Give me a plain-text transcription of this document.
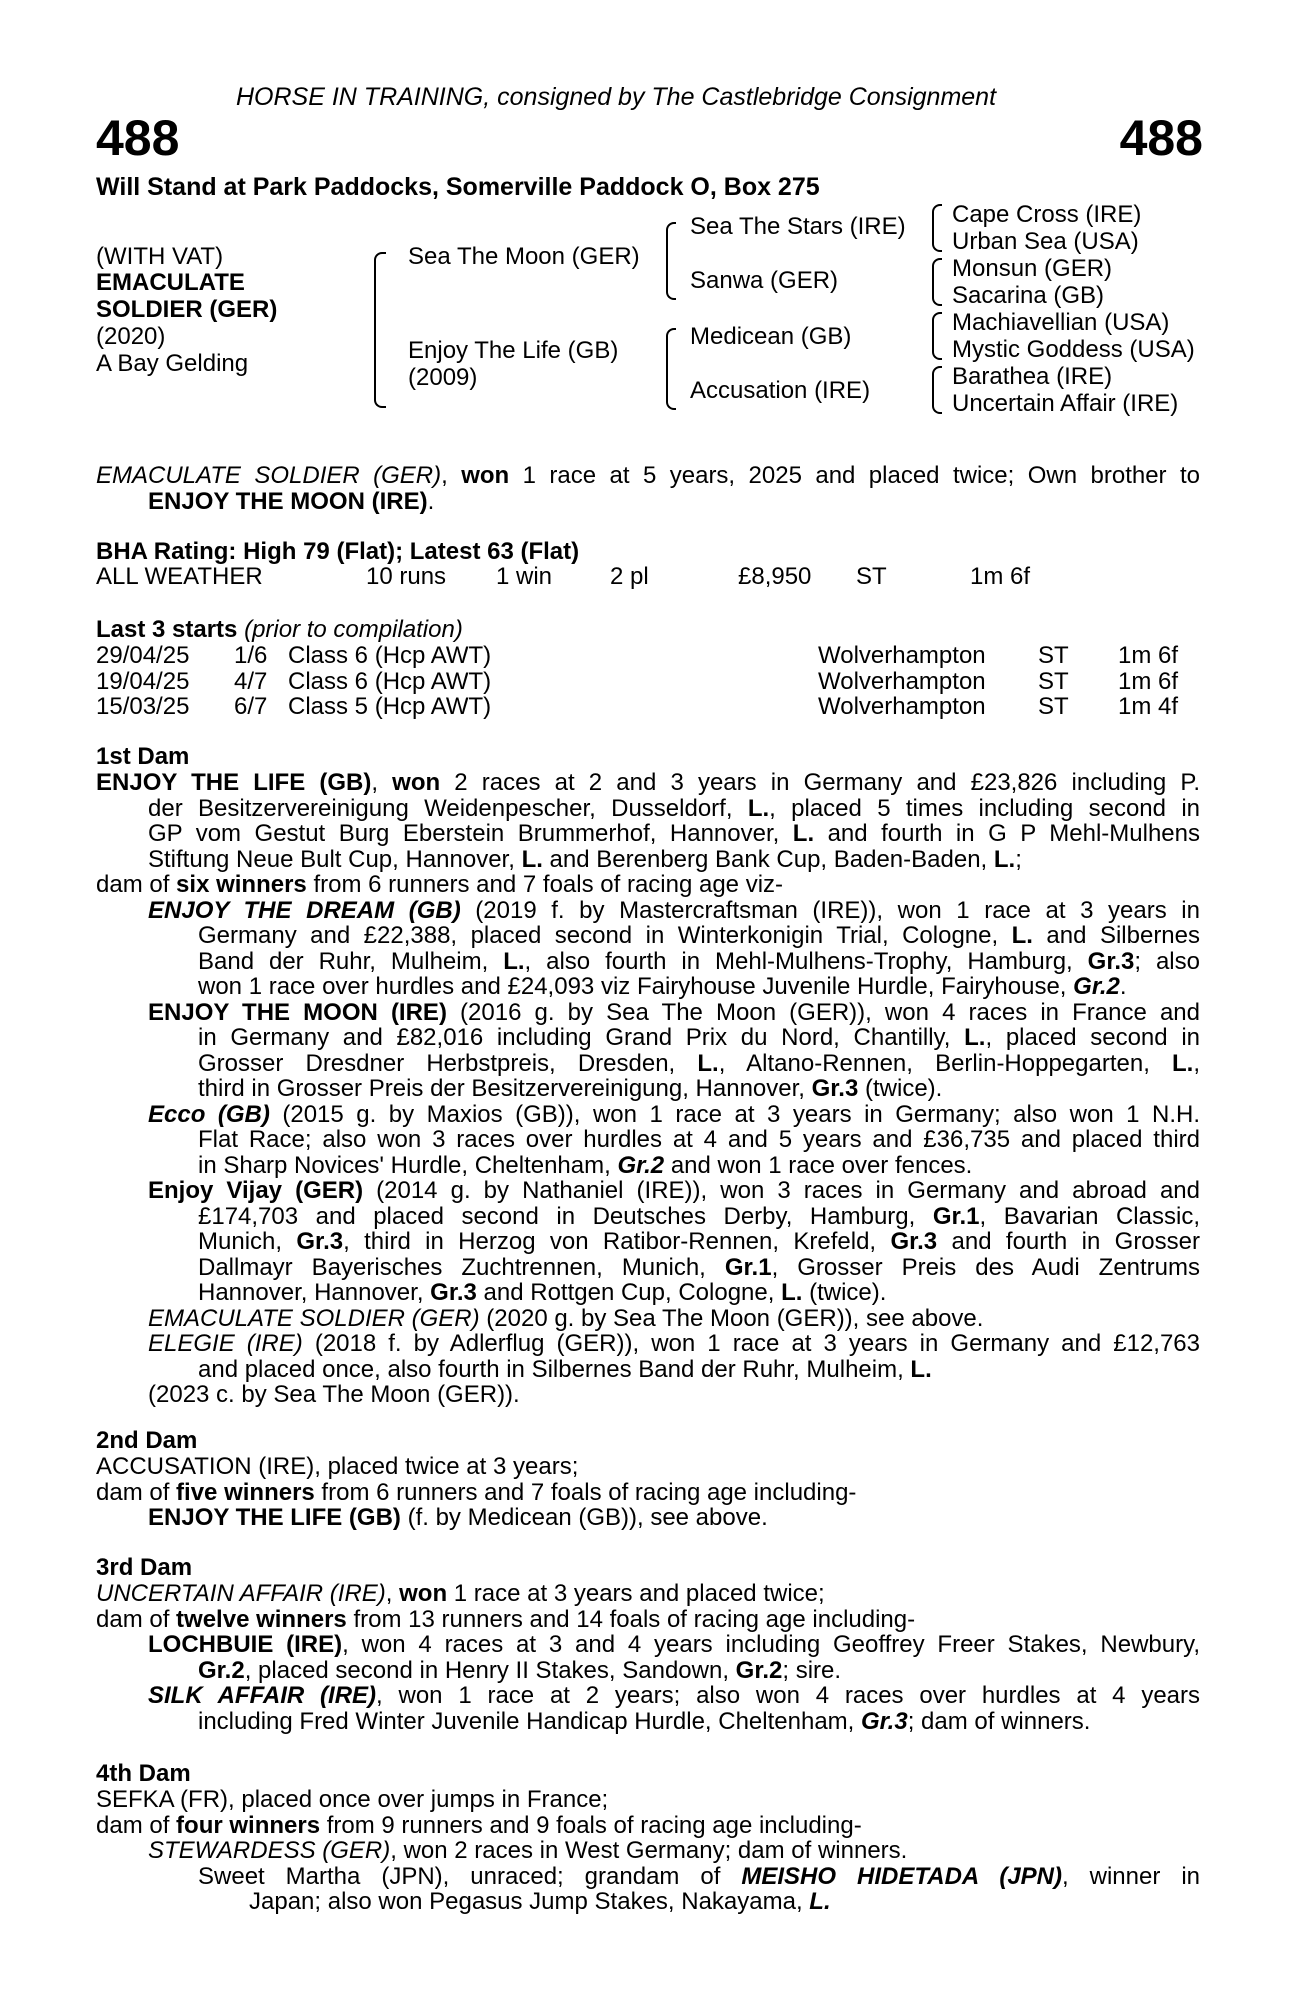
HORSE IN TRAINING, consigned by The Castlebridge Consignment
488	488
Will Stand at Park Paddocks, Somerville Paddock O, Box 275
(WITH VAT)
EMACULATE
SOLDIER (GER)
(2020)
A Bay Gelding
Sea The Moon (GER)
Enjoy The Life (GB)
(2009)
Sea The Stars (IRE)
Sanwa (GER)
Medicean (GB)
Accusation (IRE)
Cape Cross (IRE)
Urban Sea (USA)
Monsun (GER)
Sacarina (GB)
Machiavellian (USA)
Mystic Goddess (USA)
Barathea (IRE)
Uncertain Affair (IRE)
EMACULATE SOLDIER (GER), won 1 race at 5 years, 2025 and placed twice; Own brother to
ENJOY THE MOON (IRE).
BHA Rating: High 79 (Flat); Latest 63 (Flat)
ALL WEATHER	10 runs 1 win 2 pl	£8,950 ST	1m 6f
Last 3 starts (prior to compilation)
29/04/25 1/6 Class 6 (Hcp AWT)	Wolverhampton ST 1m 6f
19/04/25 4/7 Class 6 (Hcp AWT)	Wolverhampton ST 1m 6f
15/03/25 6/7 Class 5 (Hcp AWT)	Wolverhampton ST 1m 4f
1st Dam
ENJOY THE LIFE (GB), won 2 races at 2 and 3 years in Germany and £23,826 including P.
der Besitzervereinigung Weidenpescher, Dusseldorf, L., placed 5 times including second in
GP vom Gestut Burg Eberstein Brummerhof, Hannover, L. and fourth in G P Mehl-Mulhens
Stiftung Neue Bult Cup, Hannover, L. and Berenberg Bank Cup, Baden-Baden, L.;
dam of six winners from 6 runners and 7 foals of racing age viz-
ENJOY THE DREAM (GB) (2019 f. by Mastercraftsman (IRE)), won 1 race at 3 years in
Germany and £22,388, placed second in Winterkonigin Trial, Cologne, L. and Silbernes
Band der Ruhr, Mulheim, L., also fourth in Mehl-Mulhens-Trophy, Hamburg, Gr.3; also
won 1 race over hurdles and £24,093 viz Fairyhouse Juvenile Hurdle, Fairyhouse, Gr.2.
ENJOY THE MOON (IRE) (2016 g. by Sea The Moon (GER)), won 4 races in France and
in Germany and £82,016 including Grand Prix du Nord, Chantilly, L., placed second in
Grosser Dresdner Herbstpreis, Dresden, L., Altano-Rennen, Berlin-Hoppegarten, L.,
third in Grosser Preis der Besitzervereinigung, Hannover, Gr.3 (twice).
Ecco (GB) (2015 g. by Maxios (GB)), won 1 race at 3 years in Germany; also won 1 N.H.
Flat Race; also won 3 races over hurdles at 4 and 5 years and £36,735 and placed third
in Sharp Novices' Hurdle, Cheltenham, Gr.2 and won 1 race over fences.
Enjoy Vijay (GER) (2014 g. by Nathaniel (IRE)), won 3 races in Germany and abroad and
£174,703 and placed second in Deutsches Derby, Hamburg, Gr.1, Bavarian Classic,
Munich, Gr.3, third in Herzog von Ratibor-Rennen, Krefeld, Gr.3 and fourth in Grosser
Dallmayr Bayerisches Zuchtrennen, Munich, Gr.1, Grosser Preis des Audi Zentrums
Hannover, Hannover, Gr.3 and Rottgen Cup, Cologne, L. (twice).
EMACULATE SOLDIER (GER) (2020 g. by Sea The Moon (GER)), see above.
ELEGIE (IRE) (2018 f. by Adlerflug (GER)), won 1 race at 3 years in Germany and £12,763
and placed once, also fourth in Silbernes Band der Ruhr, Mulheim, L.
(2023 c. by Sea The Moon (GER)).
2nd Dam
ACCUSATION (IRE), placed twice at 3 years;
dam of five winners from 6 runners and 7 foals of racing age including-
ENJOY THE LIFE (GB) (f. by Medicean (GB)), see above.
3rd Dam
UNCERTAIN AFFAIR (IRE), won 1 race at 3 years and placed twice;
dam of twelve winners from 13 runners and 14 foals of racing age including-
LOCHBUIE (IRE), won 4 races at 3 and 4 years including Geoffrey Freer Stakes, Newbury,
Gr.2, placed second in Henry II Stakes, Sandown, Gr.2; sire.
SILK AFFAIR (IRE), won 1 race at 2 years; also won 4 races over hurdles at 4 years
including Fred Winter Juvenile Handicap Hurdle, Cheltenham, Gr.3; dam of winners.
4th Dam
SEFKA (FR), placed once over jumps in France;
dam of four winners from 9 runners and 9 foals of racing age including-
STEWARDESS (GER), won 2 races in West Germany; dam of winners.
Sweet Martha (JPN), unraced; grandam of MEISHO HIDETADA (JPN), winner in
Japan; also won Pegasus Jump Stakes, Nakayama, L.
